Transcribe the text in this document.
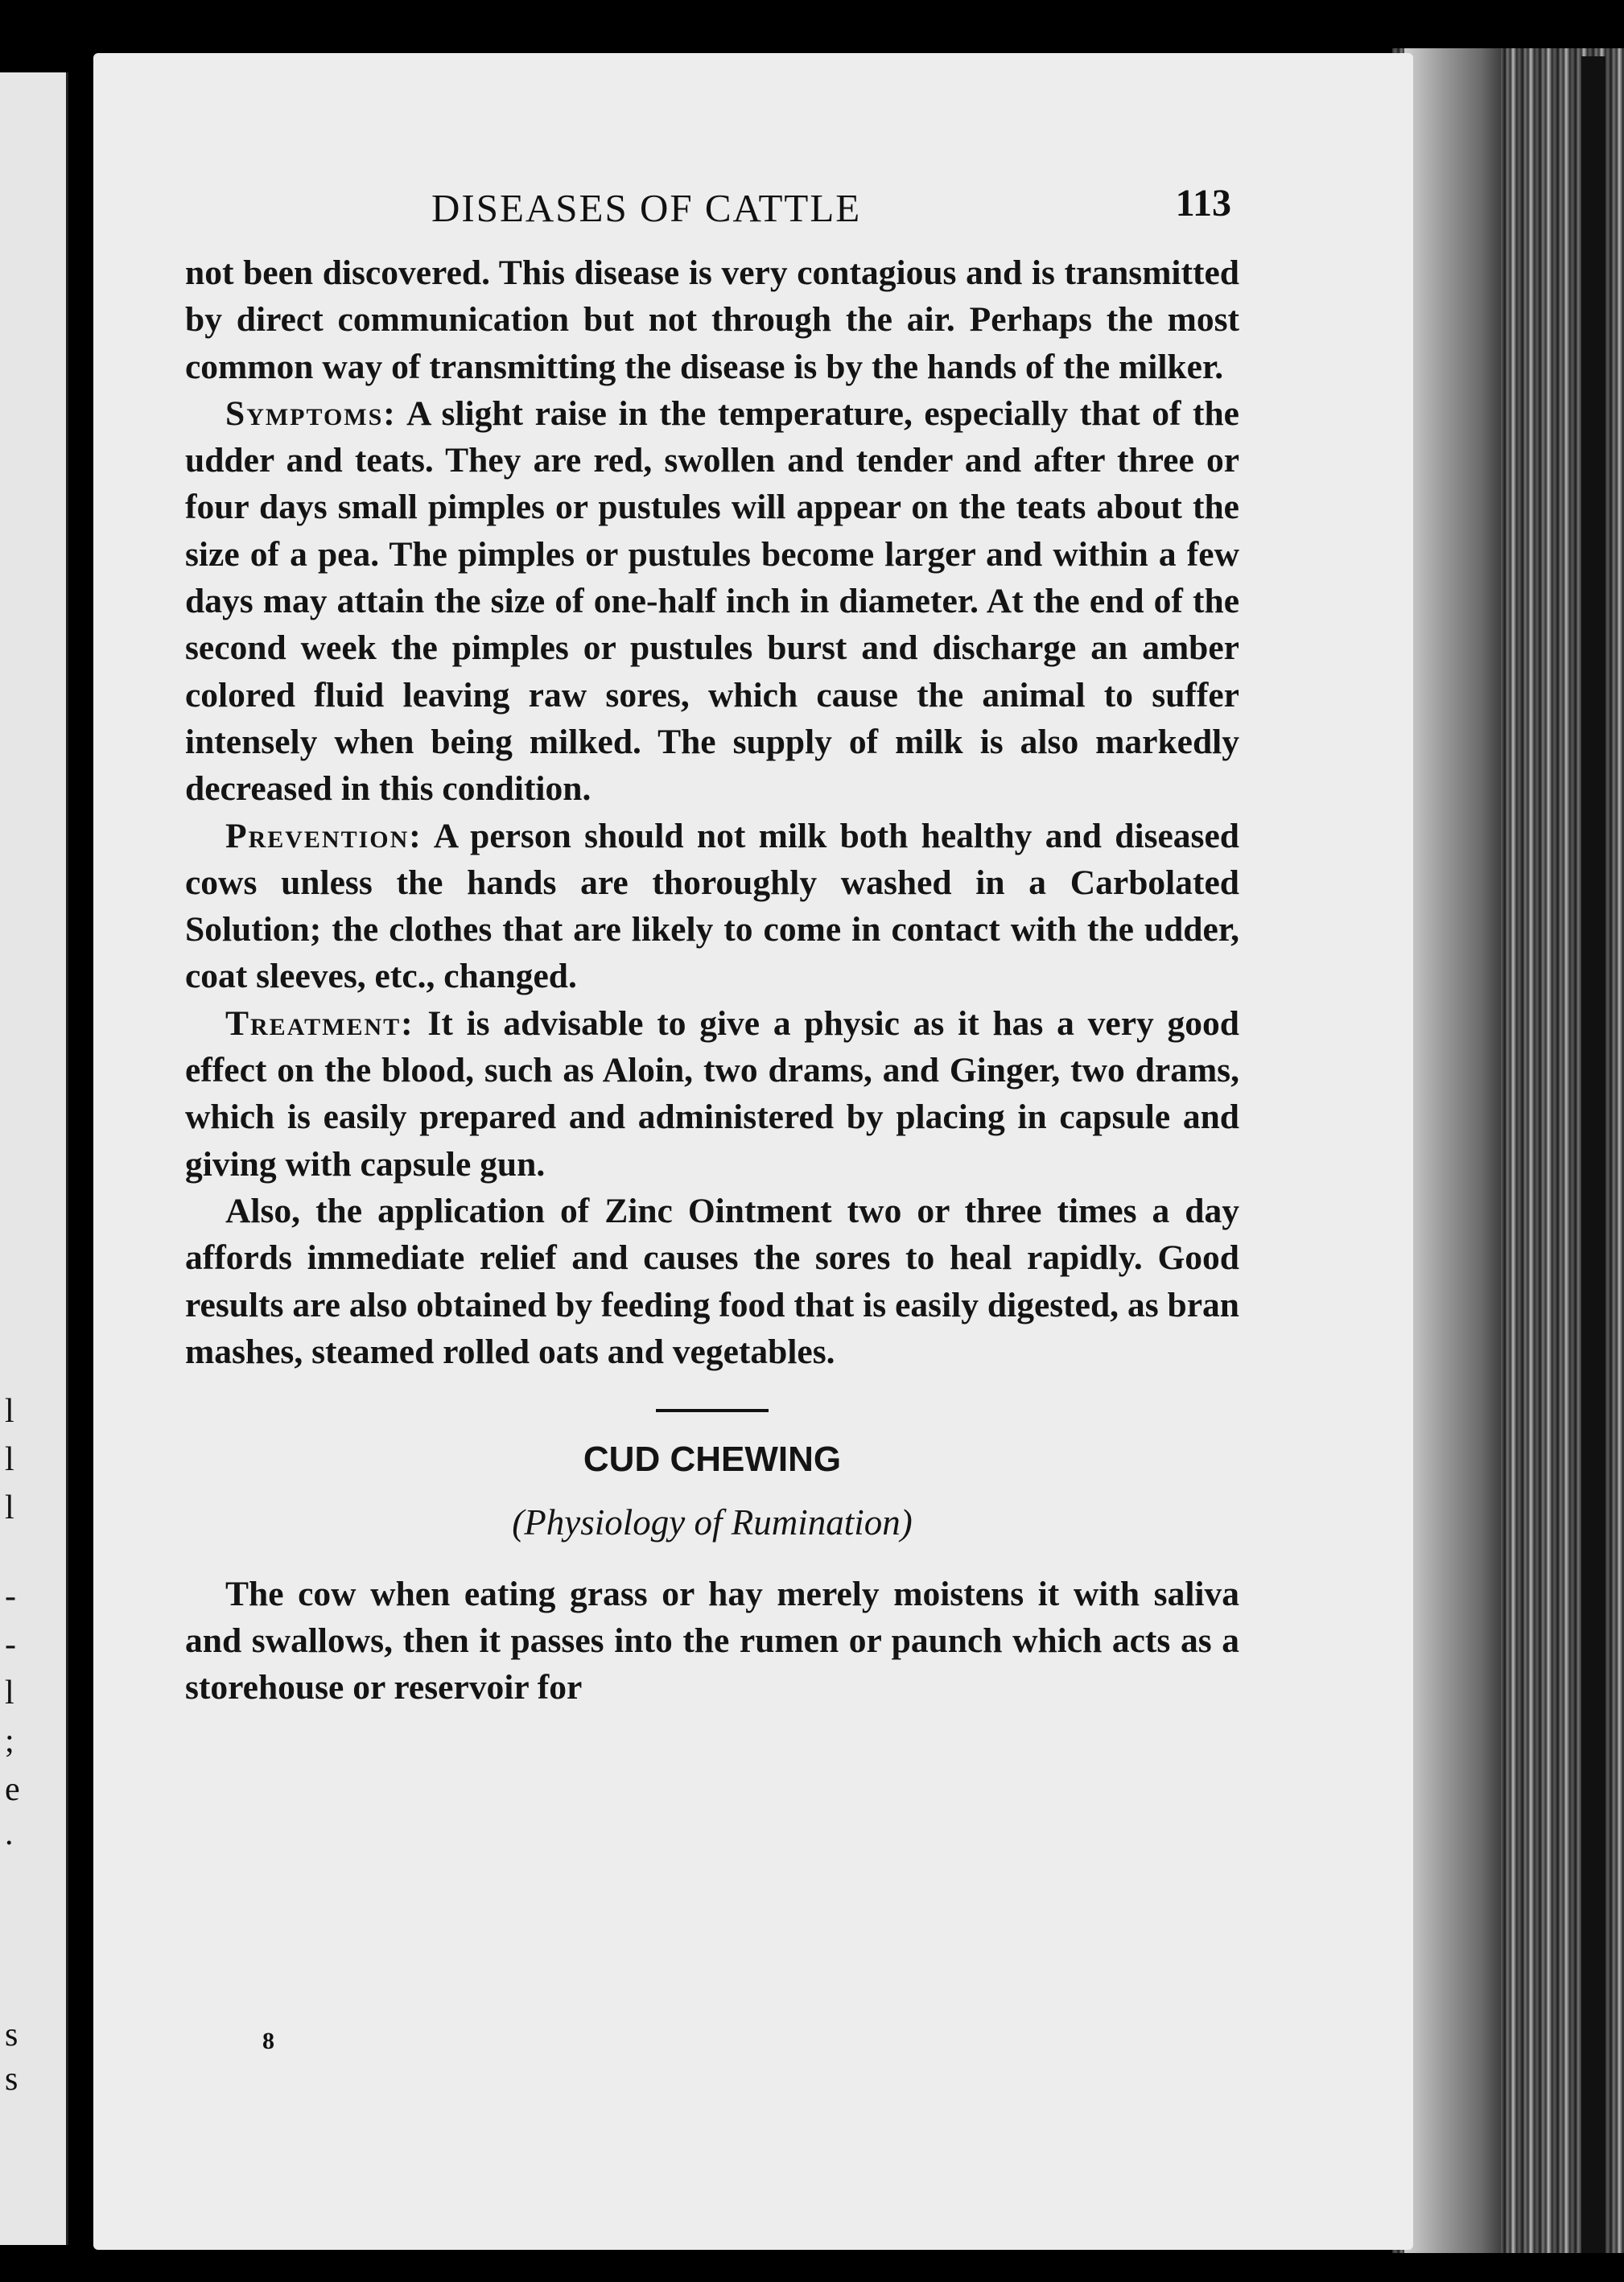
l
l
l
-
-
l
;
e
.
s
s
DISEASES OF CATTLE	113

not been discovered. This disease is very contagious and is transmitted by direct communication but not through the air. Perhaps the most common way of transmitting the disease is by the hands of the milker.

Symptoms: A slight raise in the temperature, especially that of the udder and teats. They are red, swollen and tender and after three or four days small pimples or pustules will appear on the teats about the size of a pea. The pimples or pustules become larger and within a few days may attain the size of one-half inch in diameter. At the end of the second week the pimples or pustules burst and discharge an amber colored fluid leaving raw sores, which cause the animal to suffer intensely when being milked. The supply of milk is also markedly decreased in this condition.

Prevention: A person should not milk both healthy and diseased cows unless the hands are thoroughly washed in a Carbolated Solution; the clothes that are likely to come in contact with the udder, coat sleeves, etc., changed.

Treatment: It is advisable to give a physic as it has a very good effect on the blood, such as Aloin, two drams, and Ginger, two drams, which is easily prepared and administered by placing in capsule and giving with capsule gun.

Also, the application of Zinc Ointment two or three times a day affords immediate relief and causes the sores to heal rapidly. Good results are also obtained by feeding food that is easily digested, as bran mashes, steamed rolled oats and vegetables.

CUD CHEWING
(Physiology of Rumination)

The cow when eating grass or hay merely moistens it with saliva and swallows, then it passes into the rumen or paunch which acts as a storehouse or reservoir for

8
